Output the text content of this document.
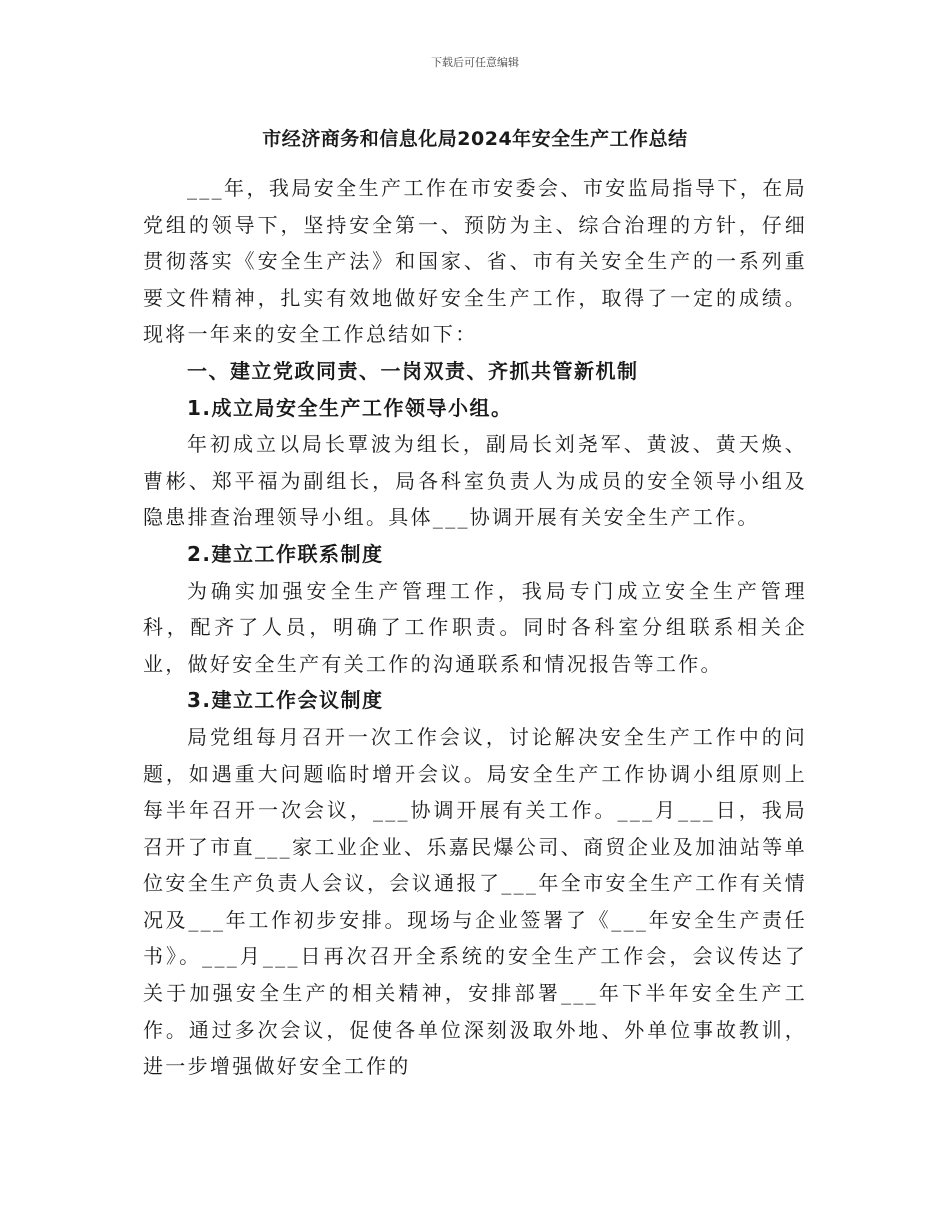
下载后可任意编辑
市经济商务和信息化局2024年安全生产工作总结

___年，我局安全生产工作在市安委会、市安监局指导下，在局党组的领导下，坚持安全第一、预防为主、综合治理的方针，仔细贯彻落实《安全生产法》和国家、省、市有关安全生产的一系列重要文件精神，扎实有效地做好安全生产工作，取得了一定的成绩。现将一年来的安全工作总结如下：

一、建立党政同责、一岗双责、齐抓共管新机制

1.成立局安全生产工作领导小组。

年初成立以局长覃波为组长，副局长刘尧军、黄波、黄天焕、曹彬、郑平福为副组长，局各科室负责人为成员的安全领导小组及隐患排查治理领导小组。具体___协调开展有关安全生产工作。

2.建立工作联系制度

为确实加强安全生产管理工作，我局专门成立安全生产管理科，配齐了人员，明确了工作职责。同时各科室分组联系相关企业，做好安全生产有关工作的沟通联系和情况报告等工作。

3.建立工作会议制度

局党组每月召开一次工作会议，讨论解决安全生产工作中的问题，如遇重大问题临时增开会议。局安全生产工作协调小组原则上每半年召开一次会议，___协调开展有关工作。___月___日，我局召开了市直___家工业企业、乐嘉民爆公司、商贸企业及加油站等单位安全生产负责人会议，会议通报了___年全市安全生产工作有关情况及___年工作初步安排。现场与企业签署了《___年安全生产责任书》。___月___日再次召开全系统的安全生产工作会，会议传达了关于加强安全生产的相关精神，安排部署___年下半年安全生产工作。通过多次会议，促使各单位深刻汲取外地、外单位事故教训，进一步增强做好安全工作的
